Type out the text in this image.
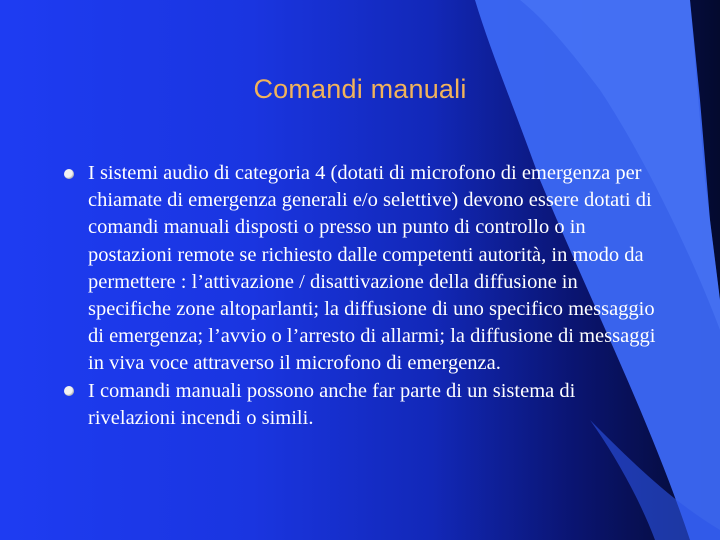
Comandi manuali
I sistemi audio di categoria 4 (dotati di microfono di emergenza per chiamate di emergenza generali e/o selettive) devono essere dotati di comandi manuali disposti o presso un punto di controllo o in postazioni remote se richiesto dalle competenti autorità, in modo da permettere : l’attivazione / disattivazione della diffusione in specifiche zone altoparlanti; la diffusione di uno specifico messaggio di emergenza; l’avvio o l’arresto di allarmi; la diffusione di messaggi in viva voce attraverso il microfono di emergenza.
I comandi manuali possono anche far parte di un sistema di rivelazioni incendi o simili.
